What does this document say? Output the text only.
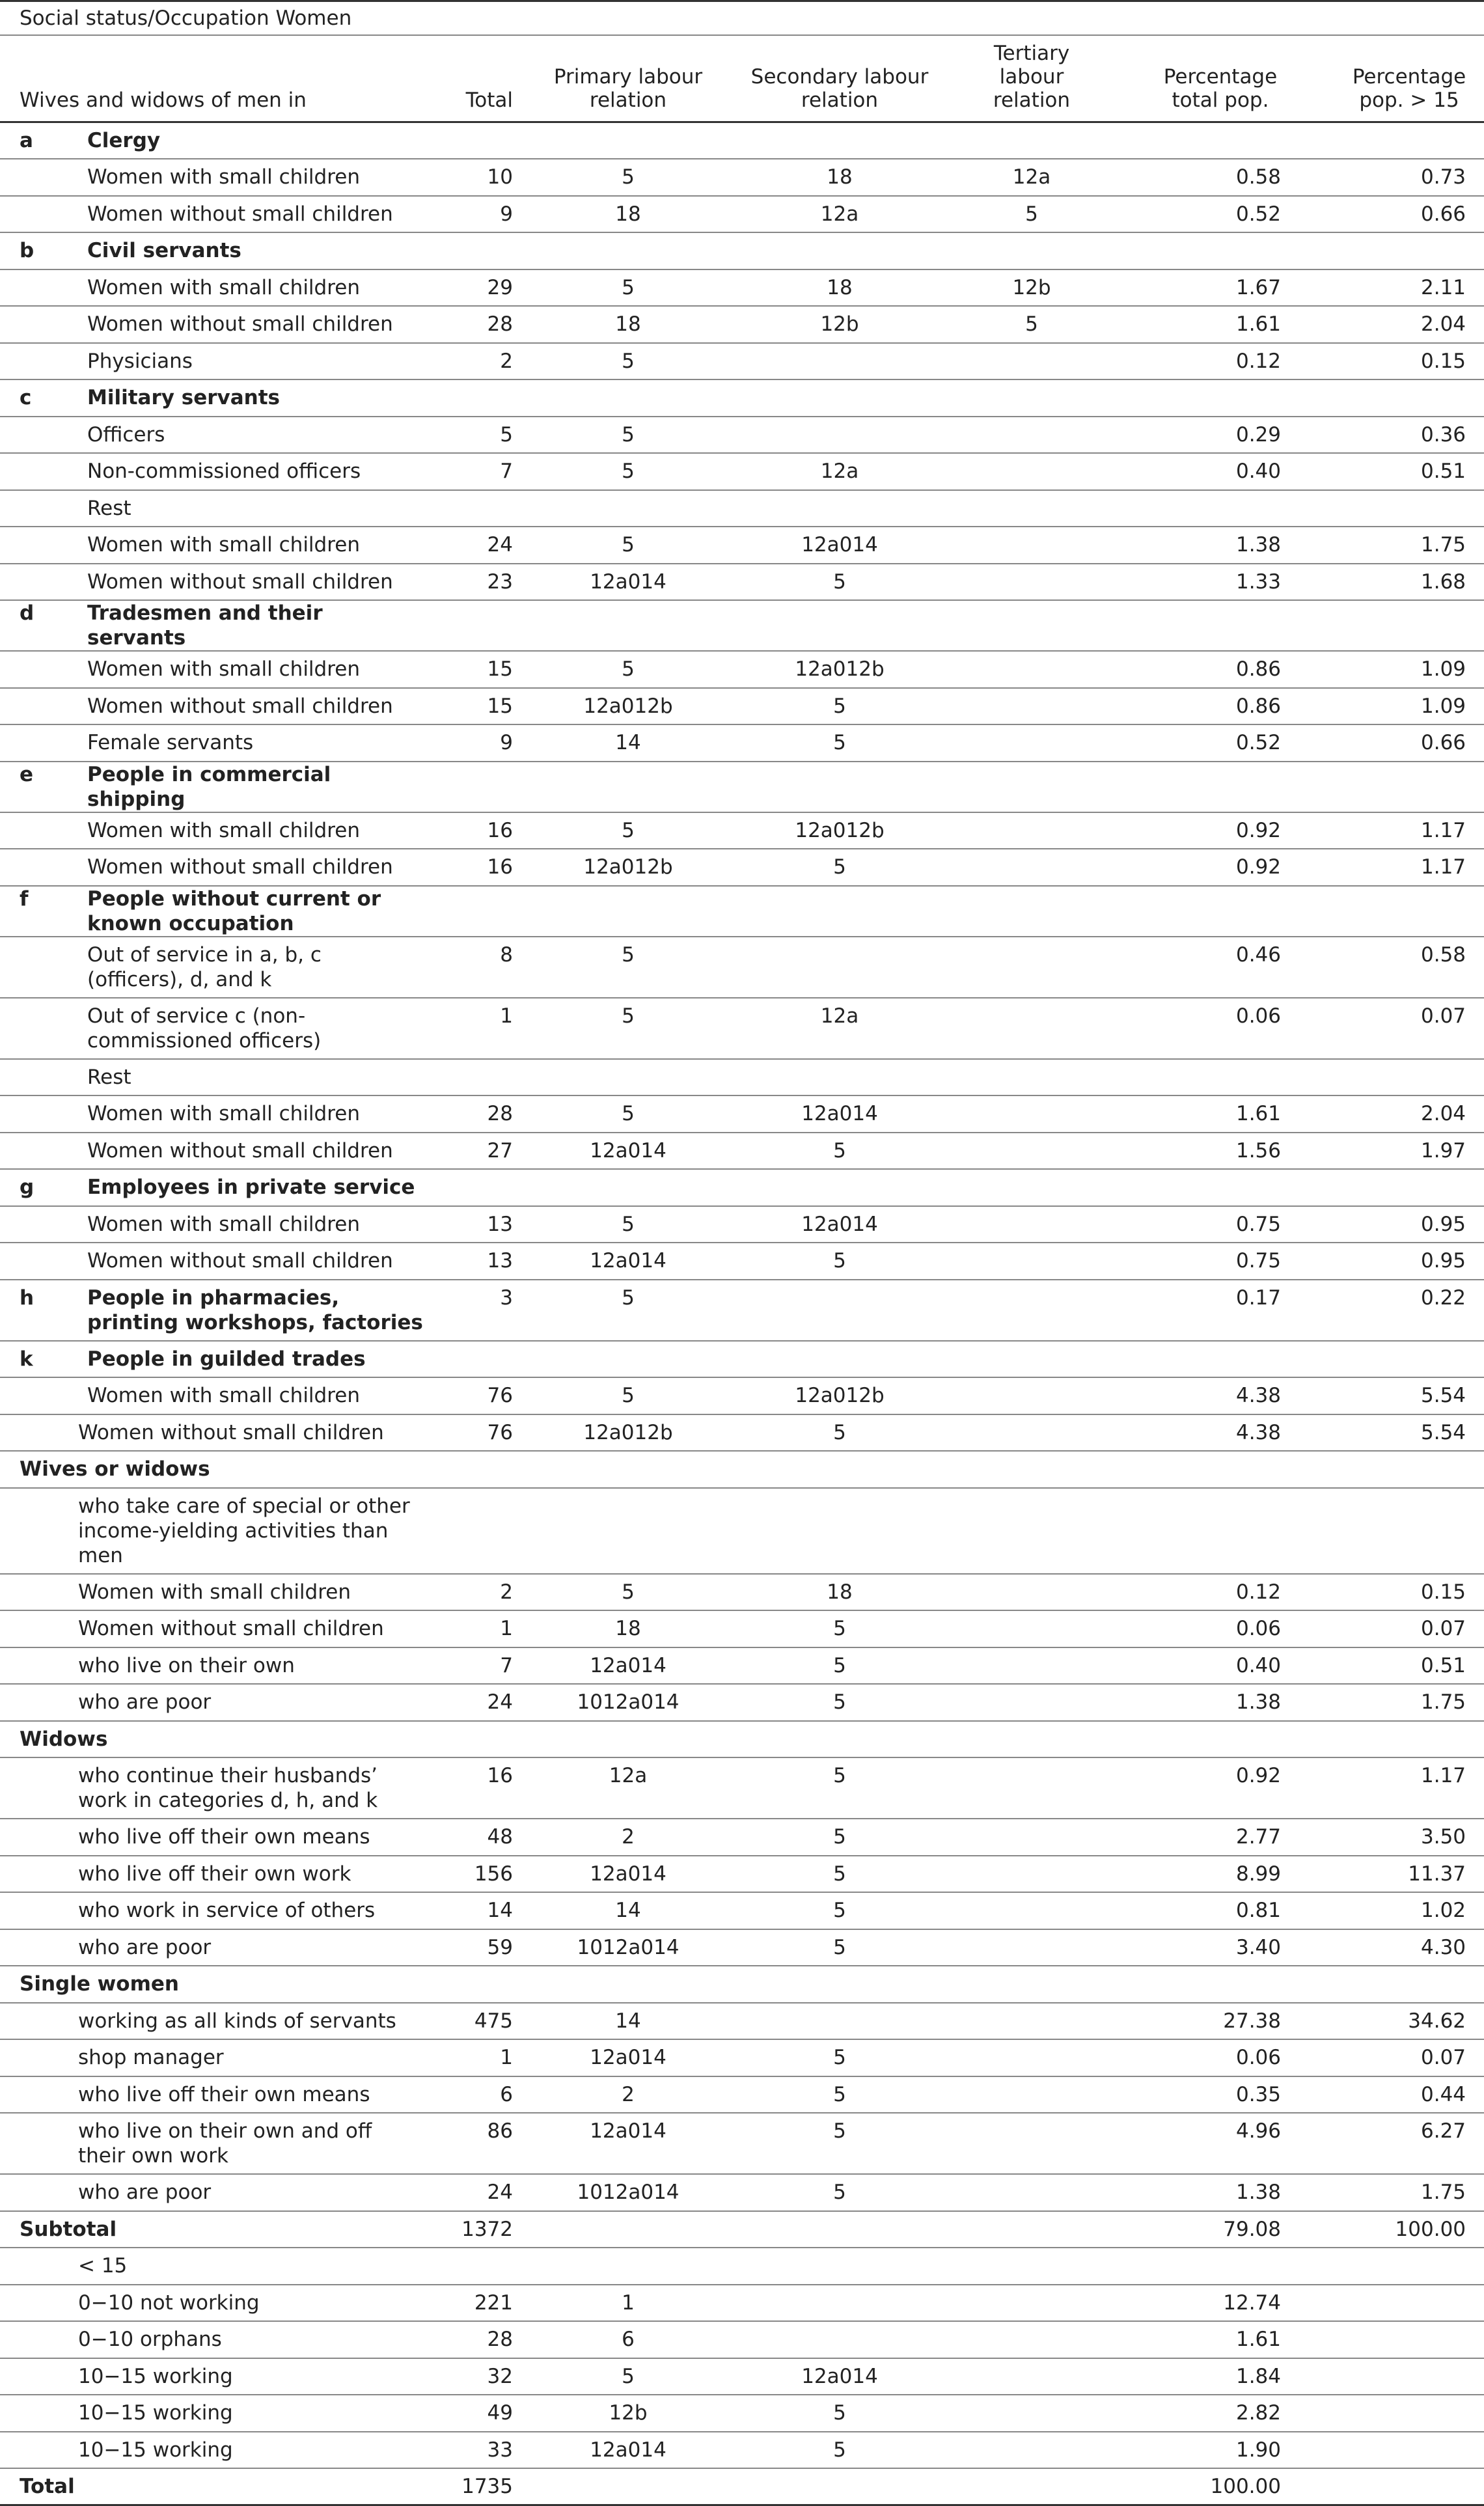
Social status/Occupation Women						
Wives and widows of men in	Total	Primary labour relation	Secondary labour relation	Tertiary labour relation	Percentage total pop.	Percentage pop. > 15

a Clergy						
Women with small children	10	5	18	12a	0.58	0.73
Women without small children	9	18	12a	5	0.52	0.66

b Civil servants						
Women with small children	29	5	18	12b	1.67	2.11
Women without small children	28	18	12b	5	1.61	2.04
Physicians	2	5			0.12	0.15

c Military servants						
Officers	5	5			0.29	0.36
Non-commissioned officers	7	5	12a		0.40	0.51
Rest						
Women with small children	24	5	12a014		1.38	1.75
Women without small children	23	12a014	5		1.33	1.68

d Tradesmen and their servants						
Women with small children	15	5	12a012b		0.86	1.09
Women without small children	15	12a012b	5		0.86	1.09
Female servants	9	14	5		0.52	0.66

e People in commercial shipping						
Women with small children	16	5	12a012b		0.92	1.17
Women without small children	16	12a012b	5		0.92	1.17

f People without current or known occupation						
Out of service in a, b, c (officers), d, and k	8	5			0.46	0.58
Out of service c (non-commissioned officers)	1	5	12a		0.06	0.07
Rest						
Women with small children	28	5	12a014		1.61	2.04
Women without small children	27	12a014	5		1.56	1.97

g Employees in private service						
Women with small children	13	5	12a014		0.75	0.95
Women without small children	13	12a014	5		0.75	0.95

h People in pharmacies, printing workshops, factories	3	5			0.17	0.22

k People in guilded trades						
Women with small children	76	5	12a012b		4.38	5.54
Women without small children	76	12a012b	5		4.38	5.54
Wives or widows						
who take care of special or other income-yielding activities than men						
Women with small children	2	5	18		0.12	0.15
Women without small children	1	18	5		0.06	0.07
who live on their own	7	12a014	5		0.40	0.51
who are poor	24	1012a014	5		1.38	1.75
Widows						
who continue their husbands’ work in categories d, h, and k	16	12a	5		0.92	1.17
who live off their own means	48	2	5		2.77	3.50
who live off their own work	156	12a014	5		8.99	11.37
who work in service of others	14	14	5		0.81	1.02
who are poor	59	1012a014	5		3.40	4.30
Single women						
working as all kinds of servants	475	14			27.38	34.62
shop manager	1	12a014	5		0.06	0.07
who live off their own means	6	2	5		0.35	0.44
who live on their own and off their own work	86	12a014	5		4.96	6.27
who are poor	24	1012a014	5		1.38	1.75
Subtotal	1372				79.08	100.00
< 15						
0−10 not working	221	1			12.74	
0−10 orphans	28	6			1.61	
10−15 working	32	5	12a014		1.84	
10−15 working	49	12b	5		2.82	
10−15 working	33	12a014	5		1.90	
Total	1735				100.00	
